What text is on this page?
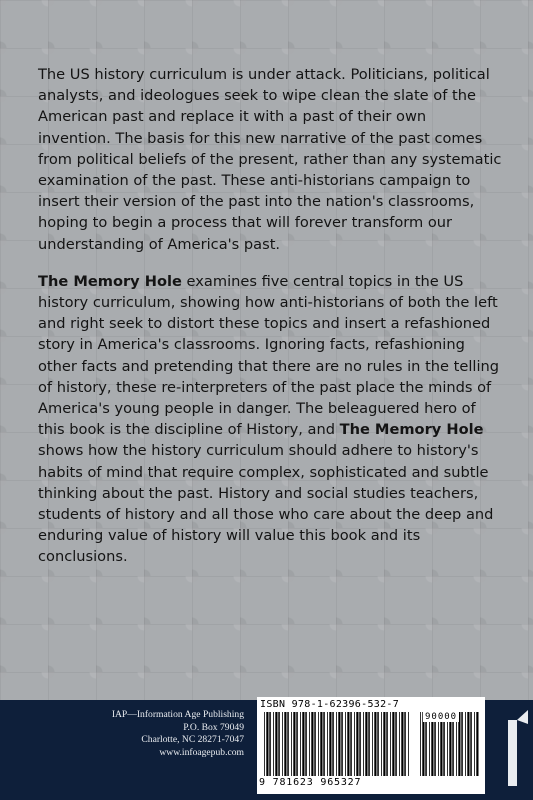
The US history curriculum is under attack. Politicians, political analysts, and ideologues seek to wipe clean the slate of the American past and replace it with a past of their own invention. The basis for this new narrative of the past comes from political beliefs of the present, rather than any systematic examination of the past. These anti-historians campaign to insert their version of the past into the nation's classrooms, hoping to begin a process that will forever transform our understanding of America's past.

The Memory Hole examines five central topics in the US history curriculum, showing how anti-historians of both the left and right seek to distort these topics and insert a refashioned story in America's classrooms. Ignoring facts, refashioning other facts and pretending that there are no rules in the telling of history, these re-interpreters of the past place the minds of America's young people in danger. The beleaguered hero of this book is the discipline of History, and The Memory Hole shows how the history curriculum should adhere to history's habits of mind that require complex, sophisticated and subtle thinking about the past. History and social studies teachers, students of history and all those who care about the deep and enduring value of history will value this book and its conclusions.

IAP—Information Age Publishing
P.O. Box 79049
Charlotte, NC 28271-7047
www.infoagepub.com
ISBN 978-1-62396-532-7
90000
9 781623 965327
